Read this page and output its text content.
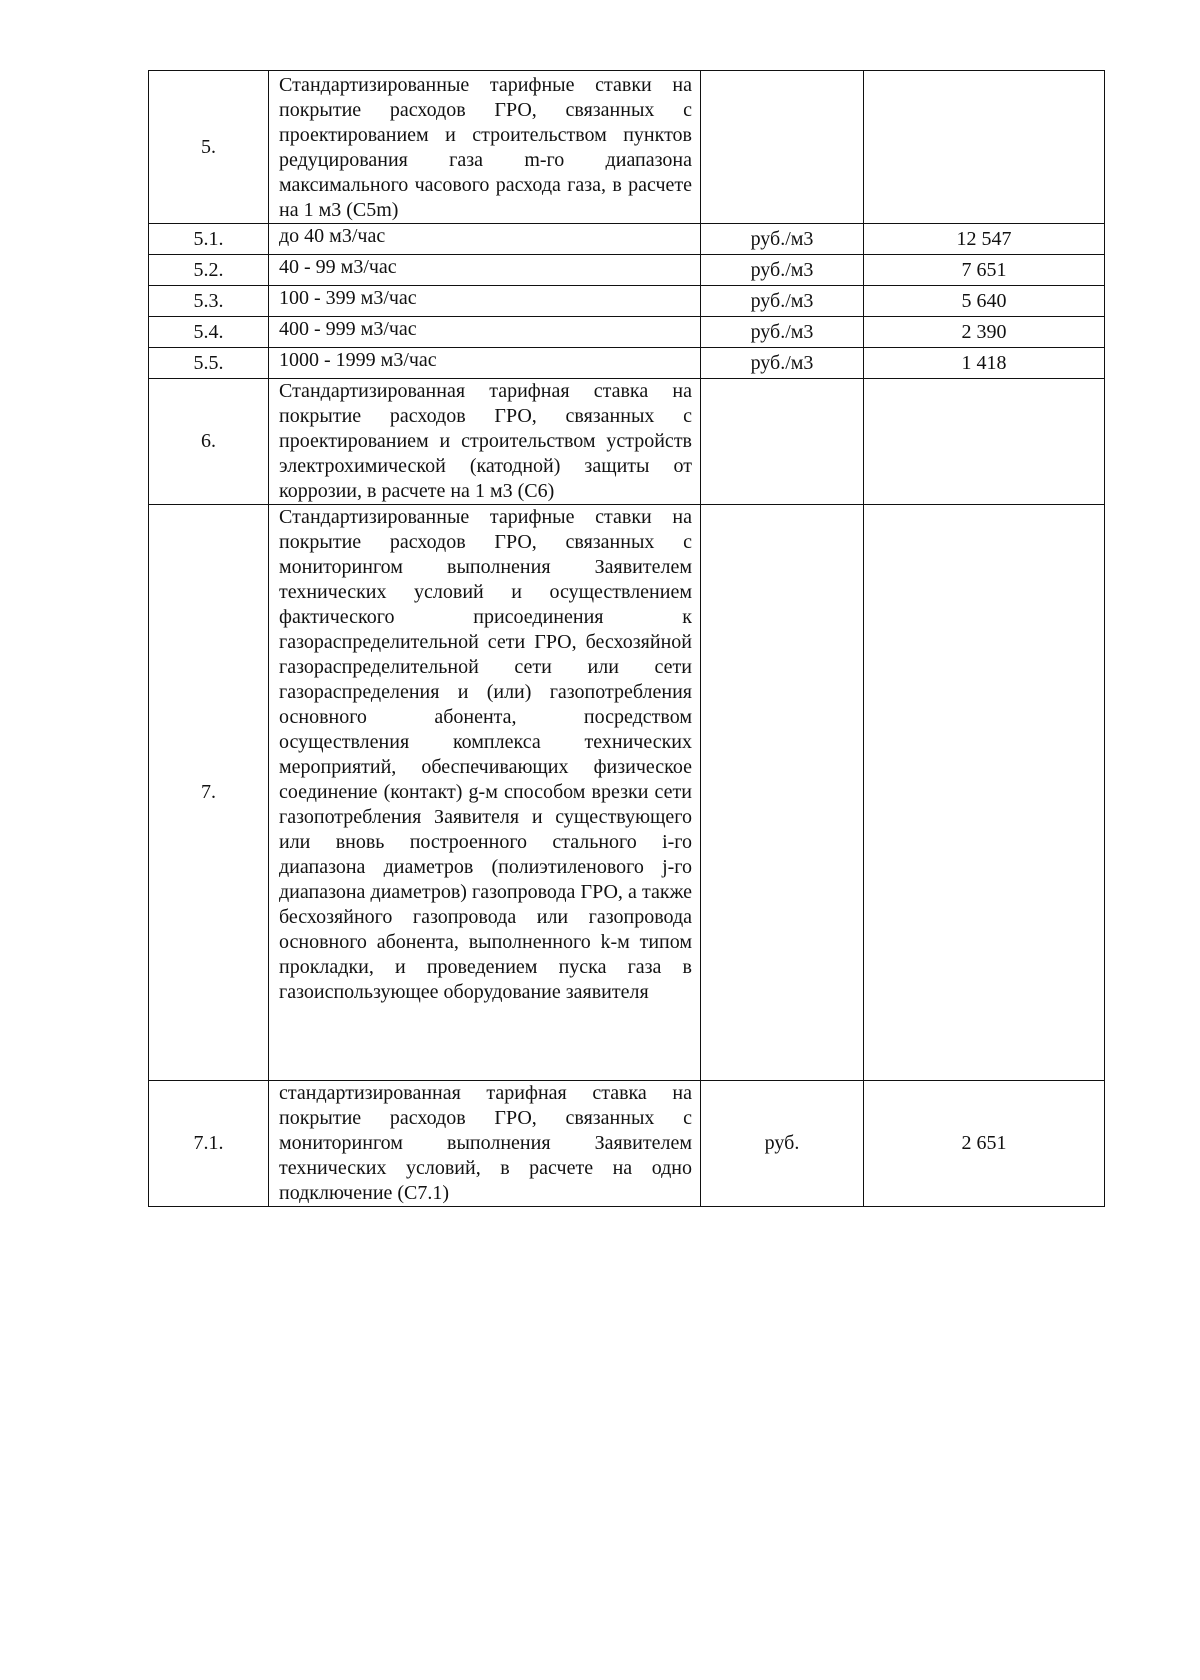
5.	Стандартизированные тарифные ставки на покрытие расходов ГРО, связанных с проектированием и строительством пунктов редуцирования газа m-го диапазона максимального часового расхода газа, в расчете на 1 м3 (C5m)		
5.1.	до 40 м3/час	руб./м3	12 547
5.2.	40 - 99 м3/час	руб./м3	7 651
5.3.	100 - 399 м3/час	руб./м3	5 640
5.4.	400 - 999 м3/час	руб./м3	2 390
5.5.	1000 - 1999 м3/час	руб./м3	1 418
6.	Стандартизированная тарифная ставка на покрытие расходов ГРО, связанных с проектированием и строительством устройств электрохимической (катодной) защиты от коррозии, в расчете на 1 м3 (С6)		
7.	Стандартизированные тарифные ставки на покрытие расходов ГРО, связанных с мониторингом выполнения Заявителем технических условий и осуществлением фактического присоединения к газораспределительной сети ГРО, бесхозяйной газораспределительной сети или сети газораспределения и (или) газопотребления основного абонента, посредством осуществления комплекса технических мероприятий, обеспечивающих физическое соединение (контакт) g-м способом врезки сети газопотребления Заявителя и существующего или вновь построенного стального i-го диапазона диаметров (полиэтиленового j-го диапазона диаметров) газопровода ГРО, а также бесхозяйного газопровода или газопровода основного абонента, выполненного k-м типом прокладки, и проведением пуска газа в газоиспользующее оборудование заявителя		
7.1.	стандартизированная тарифная ставка на покрытие расходов ГРО, связанных с мониторингом выполнения Заявителем технических условий, в расчете на одно подключение (С7.1)	руб.	2 651
